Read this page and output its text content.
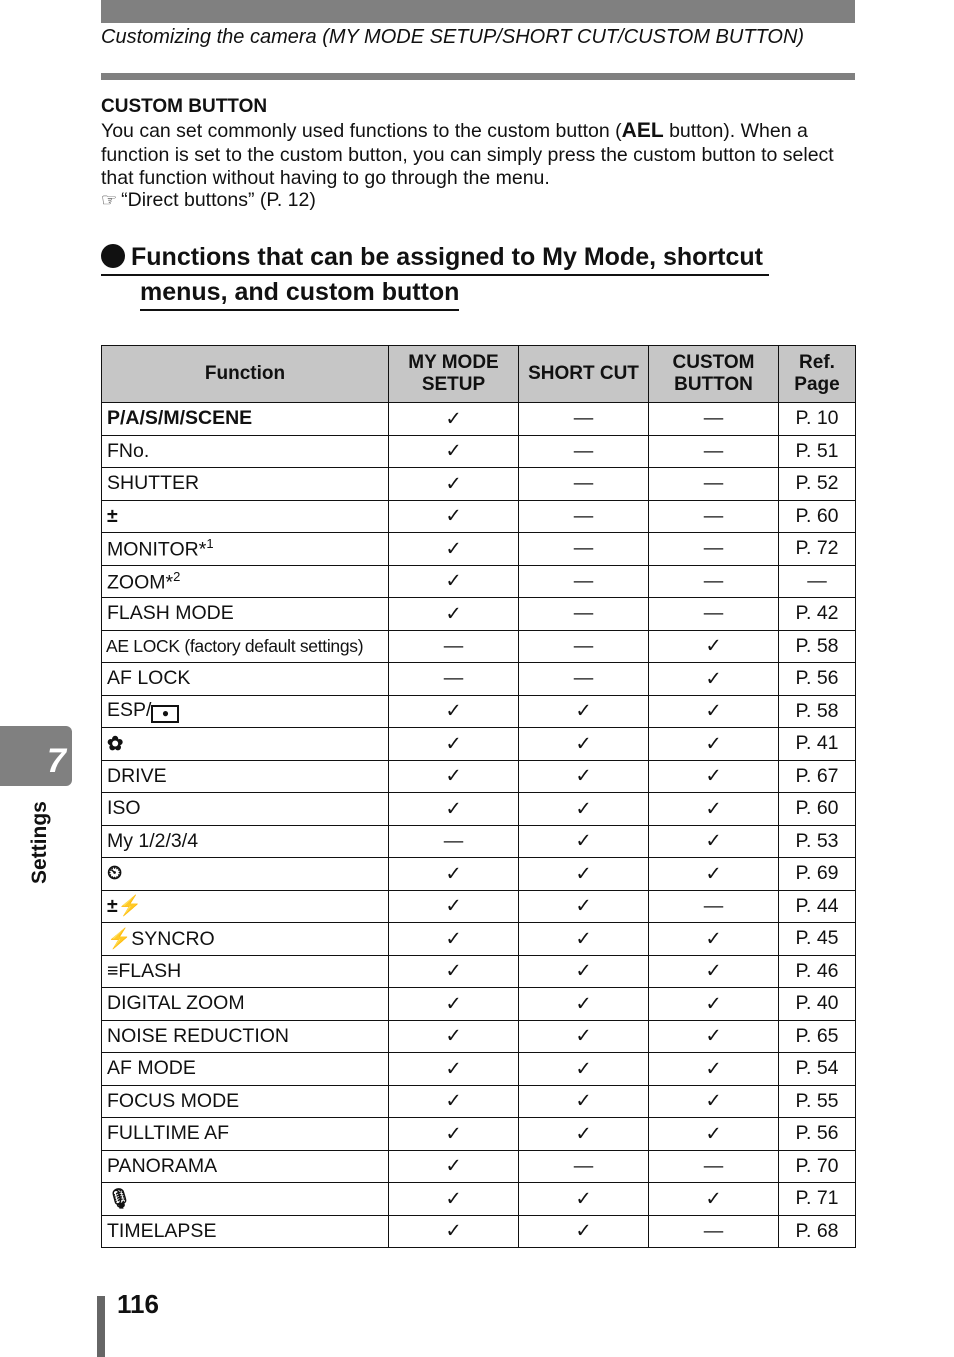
Customizing the camera (MY MODE SETUP/SHORT CUT/CUSTOM BUTTON)
CUSTOM BUTTON
You can set commonly used functions to the custom button (AEL button). When a function is set to the custom button, you can simply press the custom button to select that function without having to go through the menu.
☞ “Direct buttons” (P. 12)
Functions that can be assigned to My Mode, shortcut
menus, and custom button
Function	MY MODE SETUP	SHORT CUT	CUSTOM BUTTON	Ref. Page
P/A/S/M/SCENE	✓	—	—	P. 10
FNo.	✓	—	—	P. 51
SHUTTER	✓	—	—	P. 52
±	✓	—	—	P. 60
MONITOR*$^1$	✓	—	—	P. 72
ZOOM*$^2$	✓	—	—	—
FLASH MODE	✓	—	—	P. 42
AE LOCK (factory default settings)	—	—	✓	P. 58
AF LOCK	—	—	✓	P. 56
ESP/ ●	✓	✓	✓	P. 58
✿	✓	✓	✓	P. 41
DRIVE	✓	✓	✓	P. 67
ISO	✓	✓	✓	P. 60
My 1/2/3/4	—	✓	✓	P. 53
⏲	✓	✓	✓	P. 69
±⚡	✓	✓	—	P. 44
⚡SYNCRO	✓	✓	✓	P. 45
≡FLASH	✓	✓	✓	P. 46
DIGITAL ZOOM	✓	✓	✓	P. 40
NOISE REDUCTION	✓	✓	✓	P. 65
AF MODE	✓	✓	✓	P. 54
FOCUS MODE	✓	✓	✓	P. 55
FULLTIME AF	✓	✓	✓	P. 56
PANORAMA	✓	—	—	P. 70
🎙	✓	✓	✓	P. 71
TIMELAPSE	✓	✓	—	P. 68
7
Settings
116
